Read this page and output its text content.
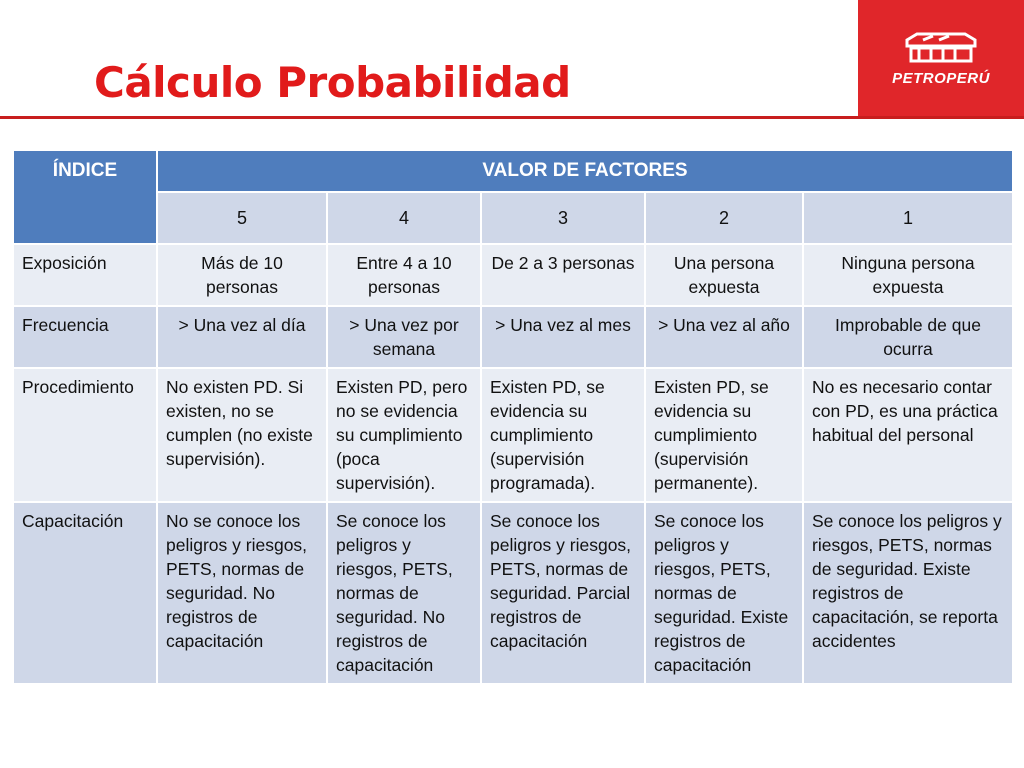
Cálculo Probabilidad	PETROPERÚ
ÍNDICE	VALOR DE FACTORES				
	5	4	3	2	1
Exposición	Más de 10 personas	Entre 4 a 10 personas	De 2 a 3 personas	Una persona expuesta	Ninguna persona expuesta
Frecuencia	> Una vez al día	> Una vez por semana	> Una vez al mes	> Una vez al año	Improbable de que ocurra
Procedimiento	No existen PD. Si existen, no se cumplen (no existe supervisión).	Existen PD, pero no se evidencia su cumplimiento (poca supervisión).	Existen PD, se evidencia su cumplimiento (supervisión programada).	Existen PD, se evidencia su cumplimiento (supervisión permanente).	No es necesario contar con PD, es una práctica habitual del personal
Capacitación	No se conoce los peligros y riesgos, PETS, normas de seguridad. No registros de capacitación	Se conoce los peligros y riesgos, PETS, normas de seguridad. No registros de capacitación	Se conoce los peligros y riesgos, PETS, normas de seguridad. Parcial registros de capacitación	Se conoce los peligros y riesgos, PETS, normas de seguridad. Existe registros de capacitación	Se conoce los peligros y riesgos, PETS, normas de seguridad. Existe registros de capacitación, se reporta accidentes
